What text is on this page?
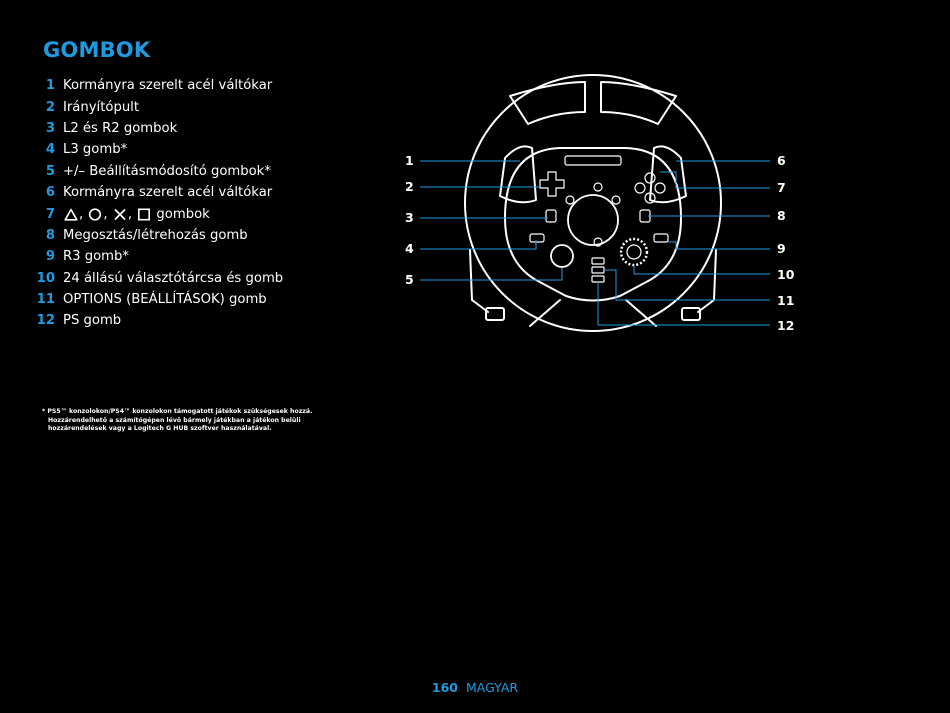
GOMBOK
1 Kormányra szerelt acél váltókar
2 Irányítópult
3 L2 és R2 gombok
4 L3 gomb*
5 +/– Beállításmódosító gombok*
6 Kormányra szerelt acél váltókar
7 ,
,
,

gombok
8 Megosztás/létrehozás gomb
9 R3 gomb*
10 24 állású választótárcsa és gomb
11 OPTIONS (BEÁLLÍTÁSOK) gomb
12 PS gomb
* PS5™ konzolokon/PS4™ konzolokon támogatott játékok szükségesek hozzá.
Hozzárendelhető a számítógépen lévő bármely játékban a játékon belüli
hozzárendelések vagy a Logitech G HUB szoftver használatával.
1
2
3
4
5
6
7
8
9
10
11
12
160 MAGYAR
